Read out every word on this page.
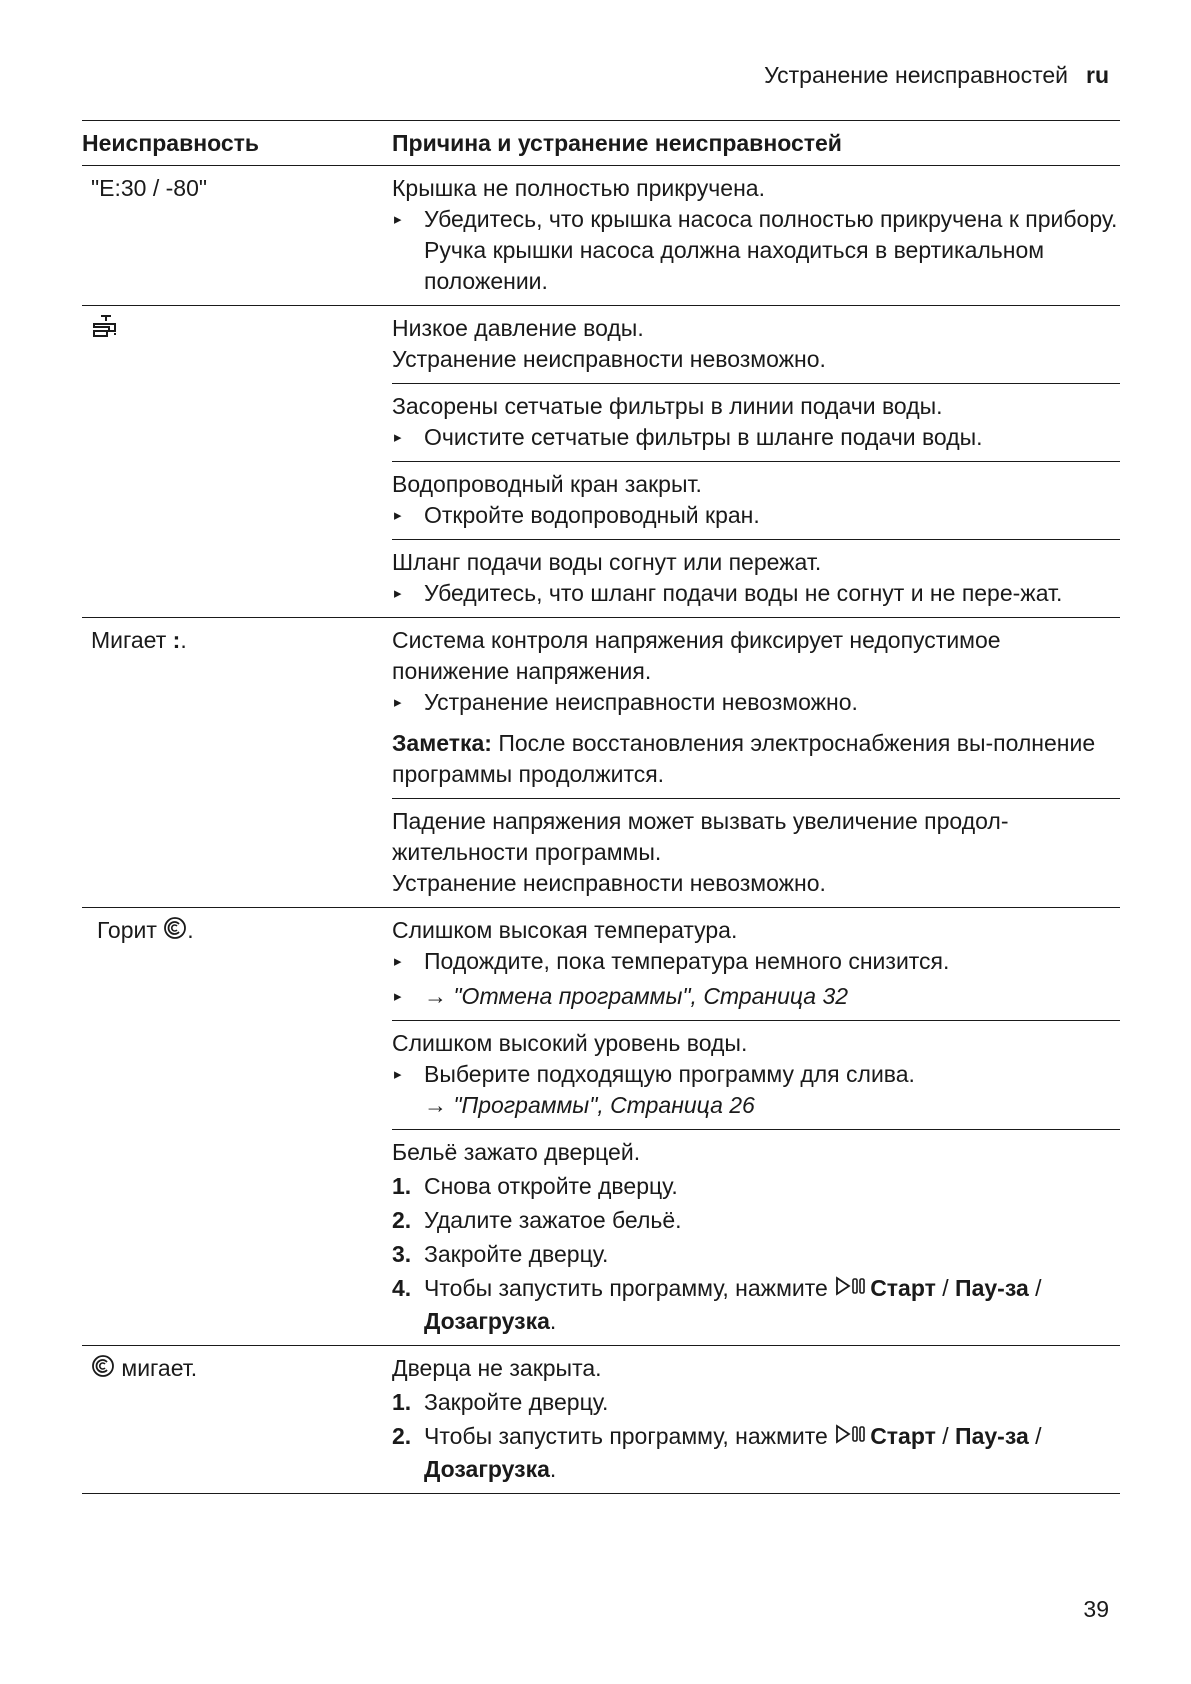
Устранение неисправностей ru
Неисправность	Причина и устранение неисправностей
"E:30 / -80"	Крышка не полностью прикручена.

▸ Убедитесь, что крышка насоса полностью прикручена к прибору. Ручка крышки насоса должна находиться в вертикальном положении.

Низкое давление воды.

Устранение неисправности невозможно.

Засорены сетчатые фильтры в линии подачи воды.

▸ Очистите сетчатые фильтры в шланге подачи воды.

Водопроводный кран закрыт.

▸ Откройте водопроводный кран.

Шланг подачи воды согнут или пережат.

▸ Убедитесь, что шланг подачи воды не согнут и не пере-жат.

Мигает :.	Система контроля напряжения фиксирует недопустимое понижение напряжения.

▸ Устранение неисправности невозможно.

Заметка: После восстановления электроснабжения вы-полнение программы продолжится.

Падение напряжения может вызвать увеличение продол-жительности программы.

Устранение неисправности невозможно.

Горит .	Слишком высокая температура.

▸ Подождите, пока температура немного снизится.

▸ → "Отмена программы", Страница 32

Слишком высокий уровень воды.

▸ Выберите подходящую программу для слива.

→ "Программы", Страница 26

Бельё зажато дверцей.

1. Снова откройте дверцу.

2. Удалите зажатое бельё.

3. Закройте дверцу.

4. Чтобы запустить программу, нажмите Старт / Пау-за / Дозагрузка.

мигает.	Дверца не закрыта.

1. Закройте дверцу.

2. Чтобы запустить программу, нажмите Старт / Пау-за / Дозагрузка.

39
